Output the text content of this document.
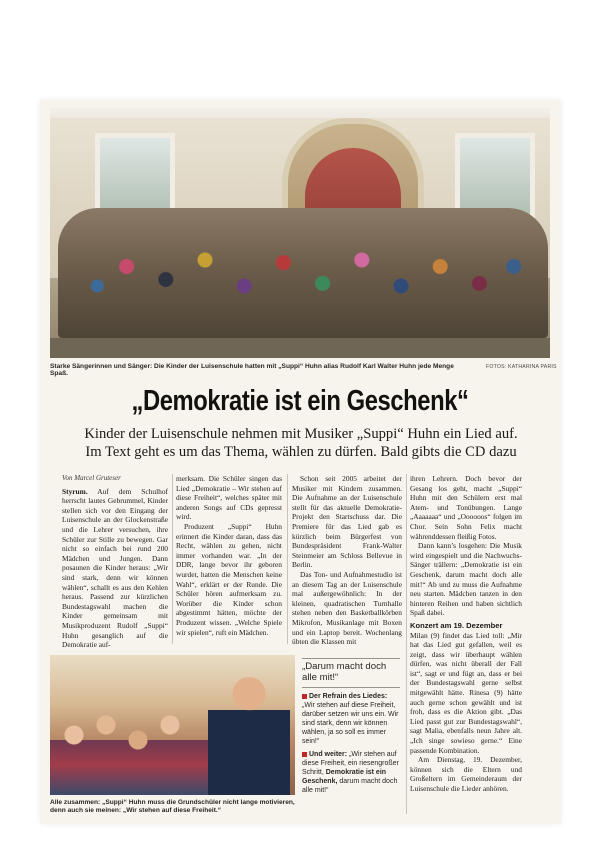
Starke Sängerinnen und Sänger: Die Kinder der Luisenschule hatten mit „Suppi“ Huhn alias Rudolf Karl Walter Huhn jede Menge Spaß.
FOTOS: KATHARINA PARIS
„Demokratie ist ein Geschenk“
Kinder der Luisenschule nehmen mit Musiker „Suppi“ Huhn ein Lied auf.
Im Text geht es um das Thema, wählen zu dürfen. Bald gibts die CD dazu

Von Marcel Gruteser

Styrum. Auf dem Schulhof herrscht lautes Gebrummel, Kinder stellen sich vor den Eingang der Luisenschule an der Glockenstraße und die Lehrer versuchen, ihre Schüler zur Stille zu bewegen. Gar nicht so einfach bei rund 200 Mädchen und Jungen. Dann posaunen die Kinder heraus: „Wir sind stark, denn wir können wählen“, schallt es aus den Kehlen heraus. Passend zur kürzlichen Bundestagswahl machen die Kinder gemeinsam mit Musikproduzent Rudolf „Suppi“ Huhn gesanglich auf die Demokratie auf-

merksam. Die Schüler singen das Lied „Demokratie – Wir stehen auf diese Freiheit“, welches später mit anderen Songs auf CDs gepresst wird.

Produzent „Suppi“ Huhn erinnert die Kinder daran, dass das Recht, wählen zu gehen, nicht immer vorhanden war. „In der DDR, lange bevor ihr geboren wurdet, hatten die Menschen keine Wahl“, erklärt er der Runde. Die Schüler hören aufmerksam zu. Worüber die Kinder schon abgestimmt hätten, möchte der Produzent wissen. „Welche Spiele wir spielen“, ruft ein Mädchen.

Schon seit 2005 arbeitet der Musiker mit Kindern zusammen. Die Aufnahme an der Luisenschule stellt für das aktuelle Demokratie-Projekt den Startschuss dar. Die Premiere für das Lied gab es kürzlich beim Bürgerfest von Bundespräsident Frank-Walter Steinmeier am Schloss Bellevue in Berlin.

Das Ton- und Aufnahmestudio ist an diesem Tag an der Luisenschule mal außergewöhnlich: In der kleinen, quadratischen Turnhalle stehen neben den Basketballkörben Mikrofon, Musikanlage mit Boxen und ein Laptop bereit. Wochenlang übten die Klassen mit

ihren Lehrern. Doch bevor der Gesang los geht, macht „Suppi“ Huhn mit den Schülern erst mal Atem- und Tonübungen. Lange „Aaaaaaa“ und „Oooooos“ folgen im Chor. Sein Sohn Felix macht währenddessen fleißig Fotos.

Dann kann’s losgehen: Die Musik wird eingespielt und die Nachwuchs-Sänger trällern: „Demokratie ist ein Geschenk, darum macht doch alle mit!“ Ab und zu muss die Aufnahme neu starten. Mädchen tanzen in den hinteren Reihen und haben sichtlich Spaß dabei.

Konzert am 19. Dezember

Milan (9) findet das Lied toll: „Mir hat das Lied gut gefallen, weil es zeigt, dass wir überhaupt wählen dürfen, was nicht überall der Fall ist“, sagt er und fügt an, dass er bei der Bundestagswahl gerne selbst mitgewählt hätte. Rinesa (9) hätte auch gerne schon gewählt und ist froh, dass es die Aktion gibt. „Das Lied passt gut zur Bundestagswahl“, sagt Malia, ebenfalls neun Jahre alt. „Ich singe sowieso gerne.“ Eine passende Kombination.

Am Dienstag, 19. Dezember, können sich die Eltern und Großeltern im Gemeinderaum der Luisenschule die Lieder anhören.

Alle zusammen: „Suppi“ Huhn muss die Grundschüler nicht lange motivieren,
denn auch sie meinen: „Wir stehen auf diese Freiheit.“
„Darum macht doch alle mit!“
Der Refrain des Liedes: „Wir stehen auf diese Freiheit, darüber setzen wir uns ein. Wir sind stark, denn wir können wählen, ja so soll es immer sein!“
Und weiter: „Wir stehen auf diese Freiheit, ein riesengroßer Schritt, Demokratie ist ein Geschenk, darum macht doch alle mit!“
